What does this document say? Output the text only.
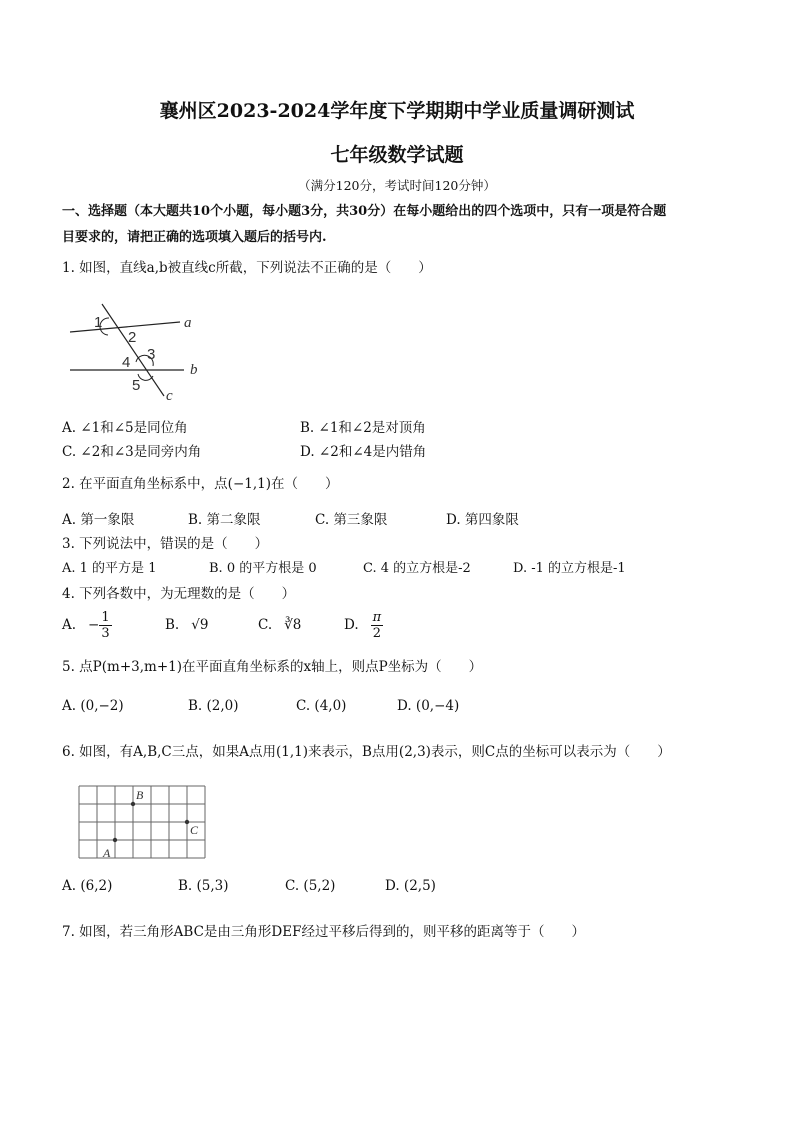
襄州区2023-2024学年度下学期期中学业质量调研测试
七年级数学试题
（满分120分，考试时间120分钟）
一、选择题（本大题共10个小题，每小题3分，共30分）在每小题给出的四个选项中，只有一项是符合题
目要求的，请把正确的选项填入题后的括号内.
1. 如图，直线a,b被直线c所截，下列说法不正确的是（　　）
1
2
a
4 3
b
5
c
A. ∠1和∠5是同位角	B. ∠1和∠2是对顶角
C. ∠2和∠3是同旁内角	D. ∠2和∠4是内错角
2. 在平面直角坐标系中，点(−1,1)在（　　）
A. 第一象限	B. 第二象限	C. 第三象限	D. 第四象限
3. 下列说法中，错误的是（　　）
A. 1 的平方是 1	B. 0 的平方根是 0	C. 4 的立方根是-2	D. -1 的立方根是-1
4. 下列各数中，为无理数的是（　　）
A. − $\frac{1}{3}$	B. √9	C. ∛8	D. $\frac{\pi}{2}$
5. 点P(m+3,m+1)在平面直角坐标系的x轴上，则点P坐标为（　　）
A. (0,−2)	B. (2,0)	C. (4,0)	D. (0,−4)
6. 如图，有A,B,C三点，如果A点用(1,1)来表示，B点用(2,3)表示，则C点的坐标可以表示为（　　）
B
C
A
A. (6,2)	B. (5,3)	C. (5,2)	D. (2,5)
7. 如图，若三角形ABC是由三角形DEF经过平移后得到的，则平移的距离等于（　　）
